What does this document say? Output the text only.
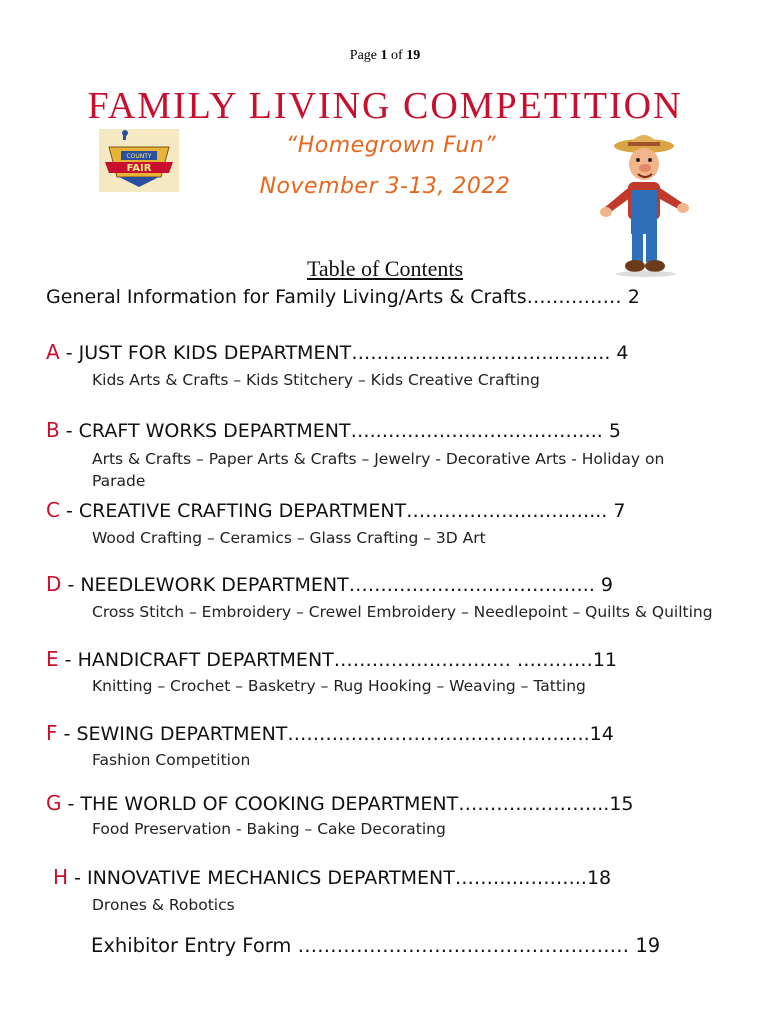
Page 1 of 19
FAMILY LIVING COMPETITION
COUNTY
FAIR
“Homegrown Fun”
November 3-13, 2022
Table of Contents
General Information for Family Living/Arts & Crafts…………… 2
A - JUST FOR KIDS DEPARTMENT………………………………….. 4
Kids Arts & Crafts – Kids Stitchery – Kids Creative Crafting
B - CRAFT WORKS DEPARTMENT…..…………………………….. 5
Arts & Crafts – Paper Arts & Crafts – Jewelry - Decorative Arts - Holiday on Parade
C - CREATIVE CRAFTING DEPARTMENT………………..………... 7
Wood Crafting – Ceramics – Glass Crafting – 3D Art
D - NEEDLEWORK DEPARTMENT…….………………………….. 9
Cross Stitch – Embroidery – Crewel Embroidery – Needlepoint – Quilts & Quilting
E - HANDICRAFT DEPARTMENT………………………. …………11
Knitting – Crochet – Basketry – Rug Hooking – Weaving – Tatting
F - SEWING DEPARTMENT…………..……………….……….…..14
Fashion Competition
G - THE WORLD OF COOKING DEPARTMENT…………………...15
Food Preservation - Baking – Cake Decorating
H - INNOVATIVE MECHANICS DEPARTMENT……….………..18
Drones & Robotics
Exhibitor Entry Form …………………………………………… 19
